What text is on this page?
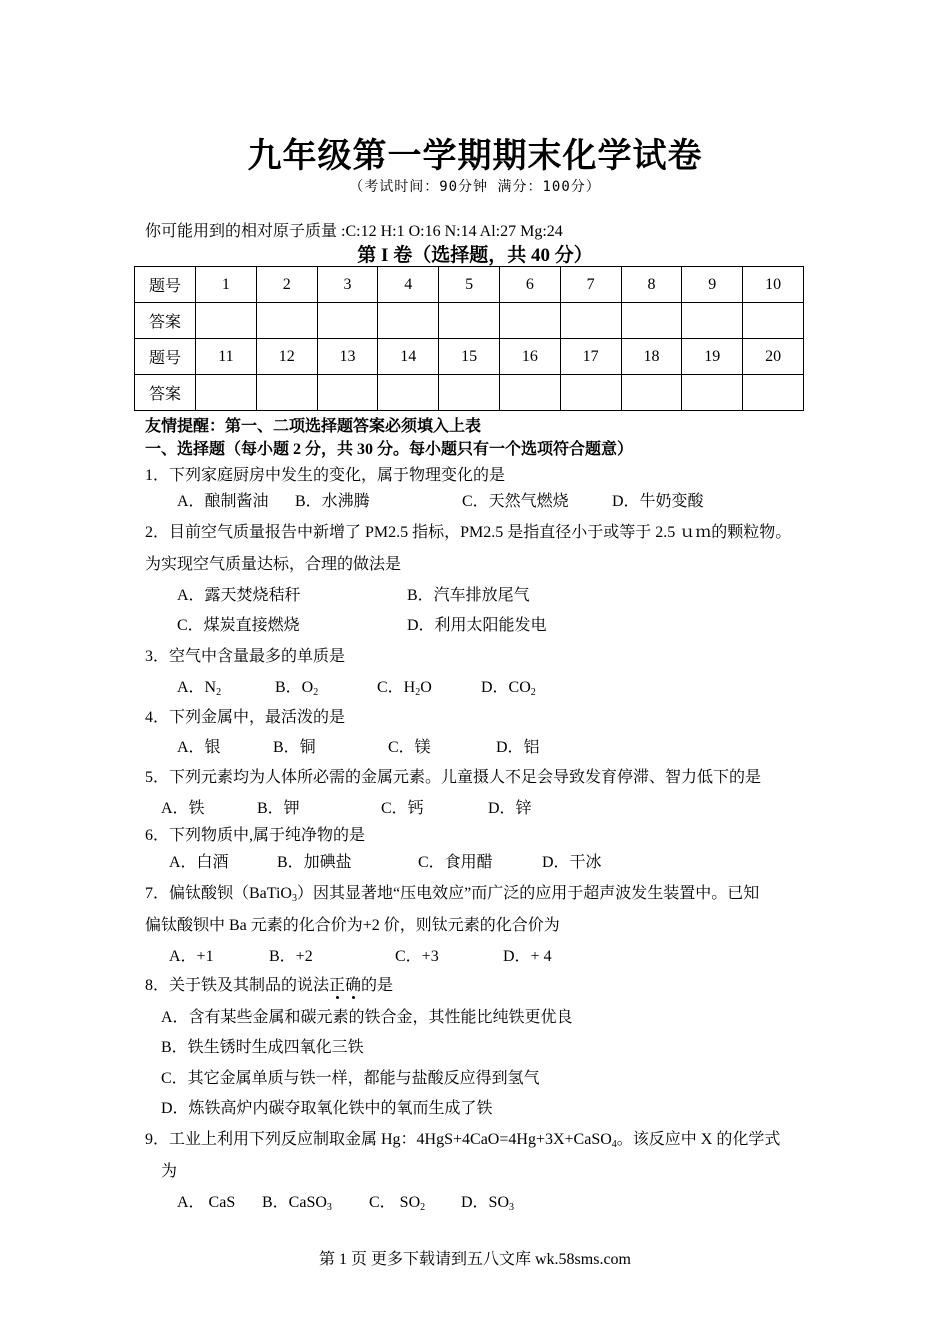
九年级第一学期期末化学试卷
（考试时间：90分钟 满分：100分）
你可能用到的相对原子质量 :C:12 H:1 O:16 N:14 Al:27 Mg:24
第 I 卷（选择题，共 40 分）
题号	1	2	3	4	5	6	7	8	9	10
答案										
题号	11	12	13	14	15	16	17	18	19	20
答案										
友情提醒：第一、二项选择题答案必须填入上表
一、选择题（每小题 2 分，共 30 分。每小题只有一个选项符合题意）
1．下列家庭厨房中发生的变化，属于物理变化的是
A．酿制酱油 B．水沸腾	C．天然气燃烧	D．牛奶变酸
2．目前空气质量报告中新增了 PM2.5 指标，PM2.5 是指直径小于或等于 2.5 ｕｍ的颗粒物。
为实现空气质量达标，合理的做法是
A．露天焚烧秸秆	B．汽车排放尾气
C．煤炭直接燃烧	D．利用太阳能发电
3．空气中含量最多的单质是
A．$N_2$	B．$O_2$	C．$H_2O$	D．$CO_2$
4．下列金属中，最活泼的是
A．银	B．铜	C．镁	D．铝
5．下列元素均为人体所必需的金属元素。儿童摄人不足会导致发育停滞、智力低下的是
A．铁	B．钾	C．钙	D．锌
6．下列物质中,属于纯净物的是
A．白酒	B．加碘盐	C．食用醋	D．干冰
7．偏钛酸钡（BaTiO$_3$）因其显著地“压电效应”而广泛的应用于超声波发生装置中。已知
偏钛酸钡中 Ba 元素的化合价为+2 价，则钛元素的化合价为
A．+1	B．+2	C．+3	D．+ 4
8．关于铁及其制品的说法正确的是
A．含有某些金属和碳元素的铁合金，其性能比纯铁更优良
B．铁生锈时生成四氧化三铁
C．其它金属单质与铁一样，都能与盐酸反应得到氢气
D．炼铁高炉内碳夺取氧化铁中的氧而生成了铁
9．工业上利用下列反应制取金属 Hg：4HgS+4CaO=4Hg+3X+CaSO$_4$。该反应中 X 的化学式
为
A． CaS B．CaSO$_3$ C． $SO_2$ D．$SO_3$
第 1 页 更多下载请到五八文库 wk.58sms.com
